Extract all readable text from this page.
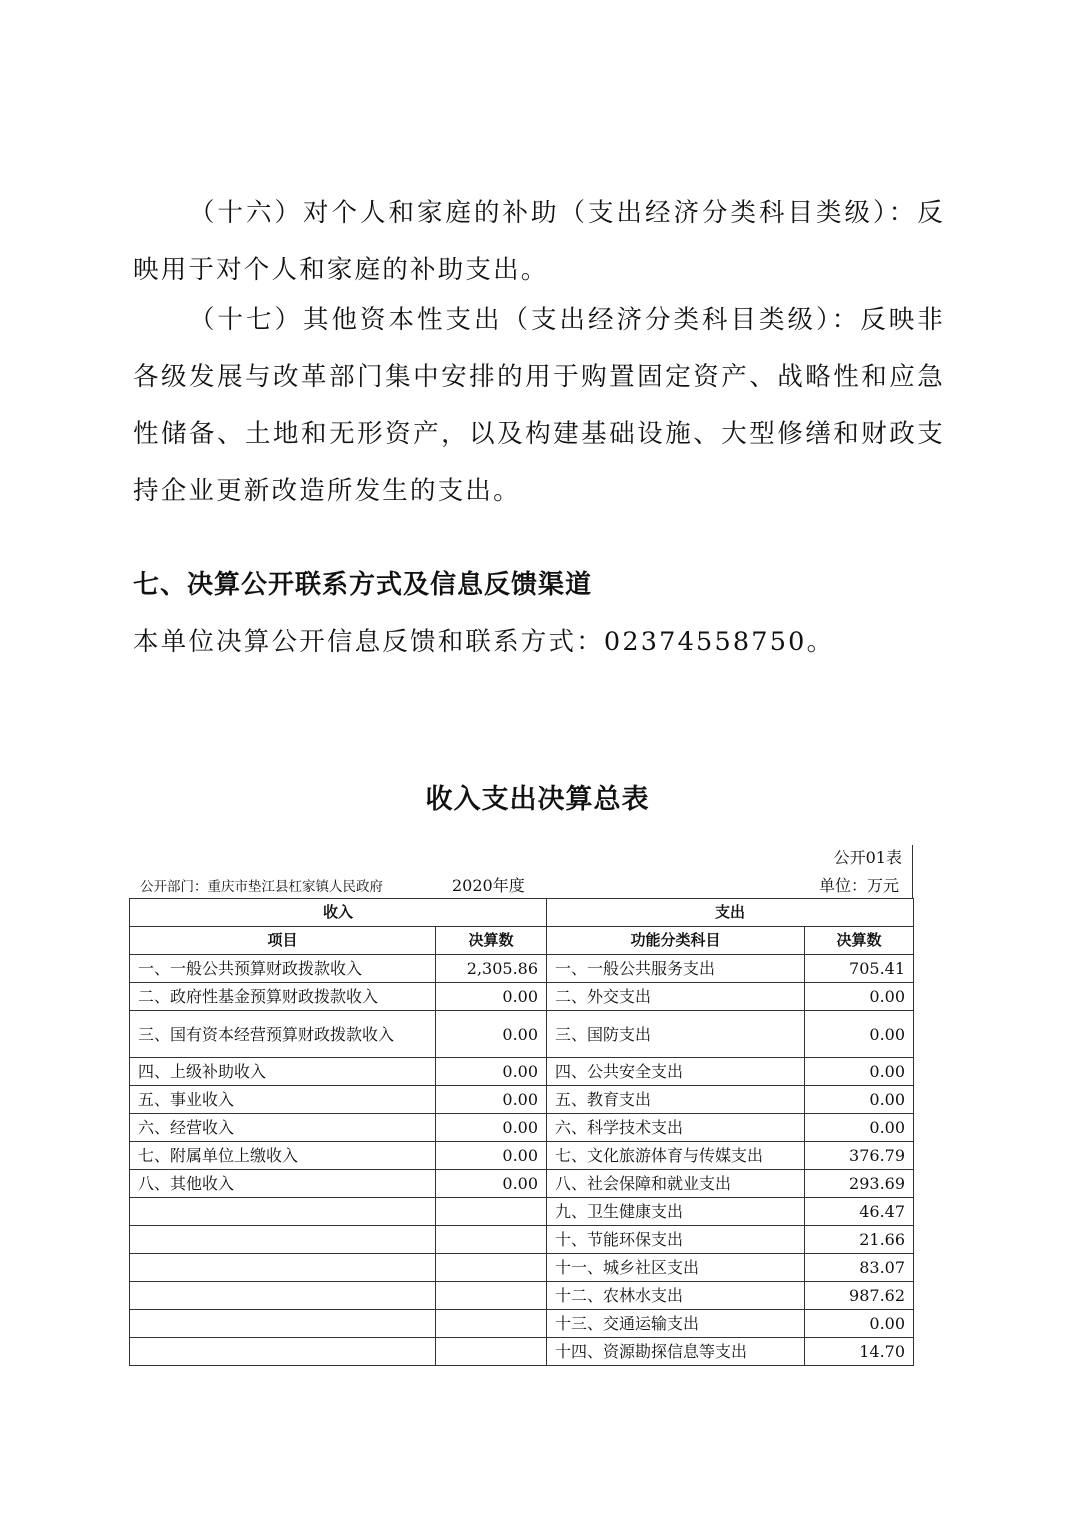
（十六）对个人和家庭的补助（支出经济分类科目类级）：反映用于对个人和家庭的补助支出。

（十七）其他资本性支出（支出经济分类科目类级）：反映非各级发展与改革部门集中安排的用于购置固定资产、战略性和应急性储备、土地和无形资产，以及构建基础设施、大型修缮和财政支持企业更新改造所发生的支出。

七、决算公开联系方式及信息反馈渠道

本单位决算公开信息反馈和联系方式：02374558750。

收入支出决算总表
公开01表
公开部门：重庆市垫江县杠家镇人民政府	2020年度	单位：万元
收入		支出	
项目	决算数	功能分类科目	决算数
一、一般公共预算财政拨款收入	2,305.86	一、一般公共服务支出	705.41
二、政府性基金预算财政拨款收入	0.00	二、外交支出	0.00
三、国有资本经营预算财政拨款收入	0.00	三、国防支出	0.00
四、上级补助收入	0.00	四、公共安全支出	0.00
五、事业收入	0.00	五、教育支出	0.00
六、经营收入	0.00	六、科学技术支出	0.00
七、附属单位上缴收入	0.00	七、文化旅游体育与传媒支出	376.79
八、其他收入	0.00	八、社会保障和就业支出	293.69
		九、卫生健康支出	46.47
		十、节能环保支出	21.66
		十一、城乡社区支出	83.07
		十二、农林水支出	987.62
		十三、交通运输支出	0.00
		十四、资源勘探信息等支出	14.70
